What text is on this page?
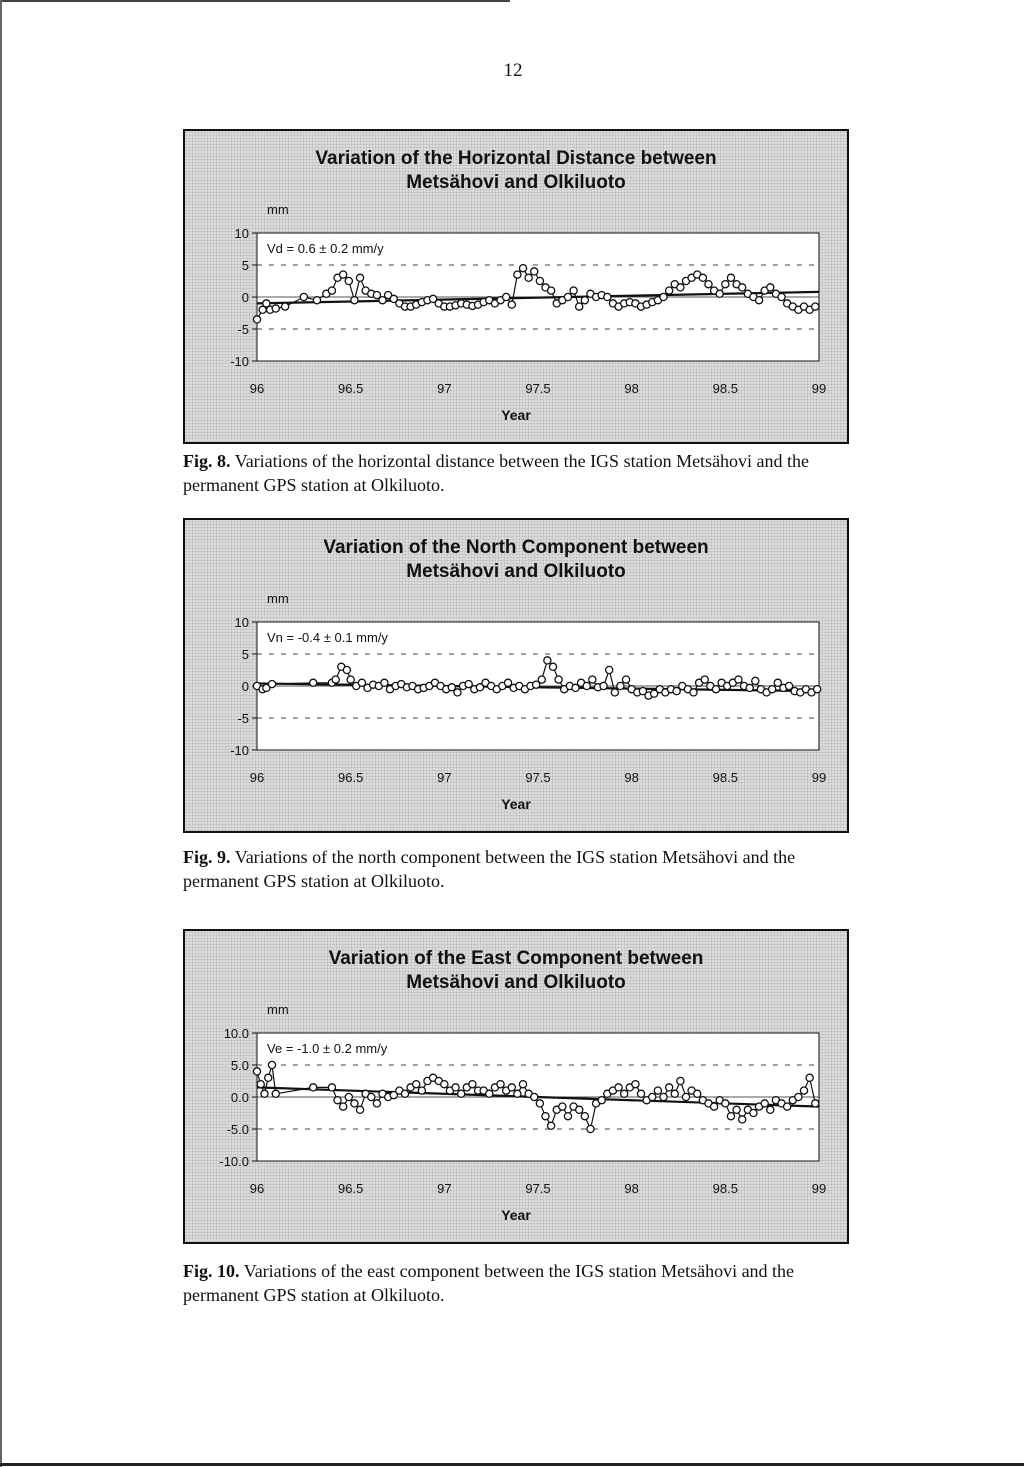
12
Variation of the Horizontal Distance between
Metsähovi and Olkiluoto
mm
10
5
0
-5
-10
96	96.5	97	97.5	98	98.5	99
Year
Vd = 0.6 ± 0.2 mm/y
Fig. 8. Variations of the horizontal distance between the IGS station Metsähovi and the permanent GPS station at Olkiluoto.
Variation of the North Component between
Metsähovi and Olkiluoto
mm
10
5
0
-5
-10
96	96.5	97	97.5	98	98.5	99
Year
Vn = -0.4 ± 0.1 mm/y
Fig. 9. Variations of the north component between the IGS station Metsähovi and the permanent GPS station at Olkiluoto.
Variation of the East Component between
Metsähovi and Olkiluoto
mm
10.0
5.0
0.0
-5.0
-10.0
96	96.5	97	97.5	98	98.5	99
Year
Ve = -1.0 ± 0.2 mm/y
Fig. 10. Variations of the east component between the IGS station Metsähovi and the permanent GPS station at Olkiluoto.
